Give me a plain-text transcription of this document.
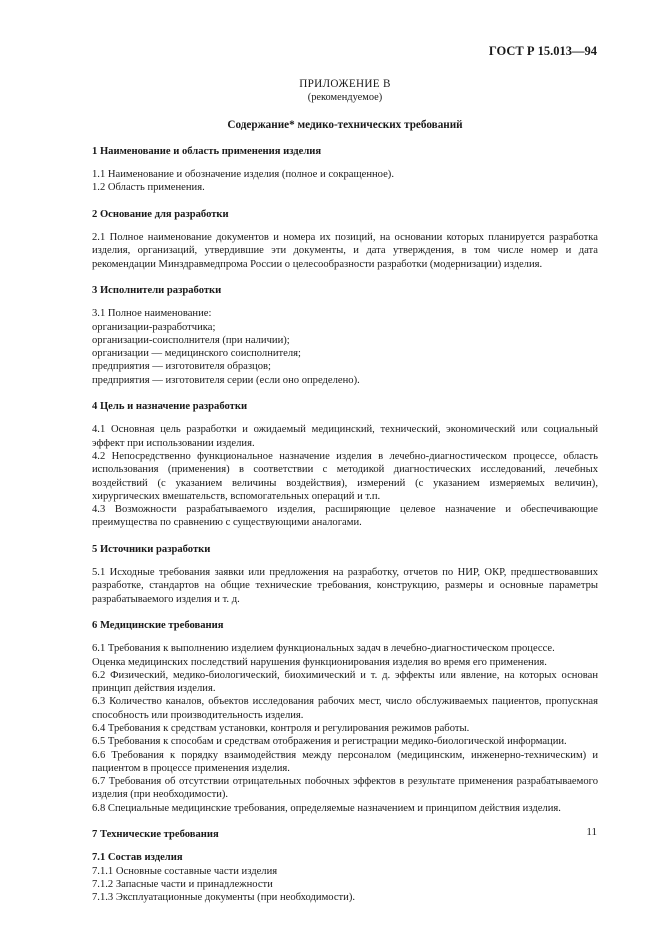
ГОСТ Р 15.013—94
ПРИЛОЖЕНИЕ В
(рекомендуемое)
Содержание* медико-технических требований
1 Наименование и область применения изделия

1.1 Наименование и обозначение изделия (полное и сокращенное).

1.2 Область применения.

2 Основание для разработки

2.1 Полное наименование документов и номера их позиций, на основании которых планируется разработка изделия, организаций, утвердившие эти документы, и дата утверждения, в том числе номер и дата рекомендации Минздравмедпрома России о целесообразности разработки (модернизации) изделия.

3 Исполнители разработки

3.1 Полное наименование:

организации-разработчика;

организации-соисполнителя (при наличии);

организации — медицинского соисполнителя;

предприятия — изготовителя образцов;

предприятия — изготовителя серии (если оно определено).

4 Цель и назначение разработки

4.1 Основная цель разработки и ожидаемый медицинский, технический, экономический или социальный эффект при использовании изделия.

4.2 Непосредственно функциональное назначение изделия в лечебно-диагностическом процессе, область использования (применения) в соответствии с методикой диагностических исследований, лечебных воздействий (с указанием величины воздействия), измерений (с указанием измеряемых величин), хирургических вмешательств, вспомогательных операций и т.п.

4.3 Возможности разрабатываемого изделия, расширяющие целевое назначение и обеспечивающие преимущества по сравнению с существующими аналогами.

5 Источники разработки

5.1 Исходные требования заявки или предложения на разработку, отчетов по НИР, ОКР, предшествовавших разработке, стандартов на общие технические требования, конструкцию, размеры и основные параметры разрабатываемого изделия и т. д.

6 Медицинские требования

6.1 Требования к выполнению изделием функциональных задач в лечебно-диагностическом процессе.

Оценка медицинских последствий нарушения функционирования изделия во время его применения.

6.2 Физический, медико-биологический, биохимический и т. д. эффекты или явление, на которых основан принцип действия изделия.

6.3 Количество каналов, объектов исследования рабочих мест, число обслуживаемых пациентов, пропускная способность или производительность изделия.

6.4 Требования к средствам установки, контроля и регулирования режимов работы.

6.5 Требования к способам и средствам отображения и регистрации медико-биологической информации.

6.6 Требования к порядку взаимодействия между персоналом (медицинским, инженерно-техническим) и пациентом в процессе применения изделия.

6.7 Требования об отсутствии отрицательных побочных эффектов в результате применения разрабатываемого изделия (при необходимости).

6.8 Специальные медицинские требования, определяемые назначением и принципом действия изделия.

7 Технические требования
7.1 Состав изделия

7.1.1 Основные составные части изделия

7.1.2 Запасные части и принадлежности

7.1.3 Эксплуатационные документы (при необходимости).

11
